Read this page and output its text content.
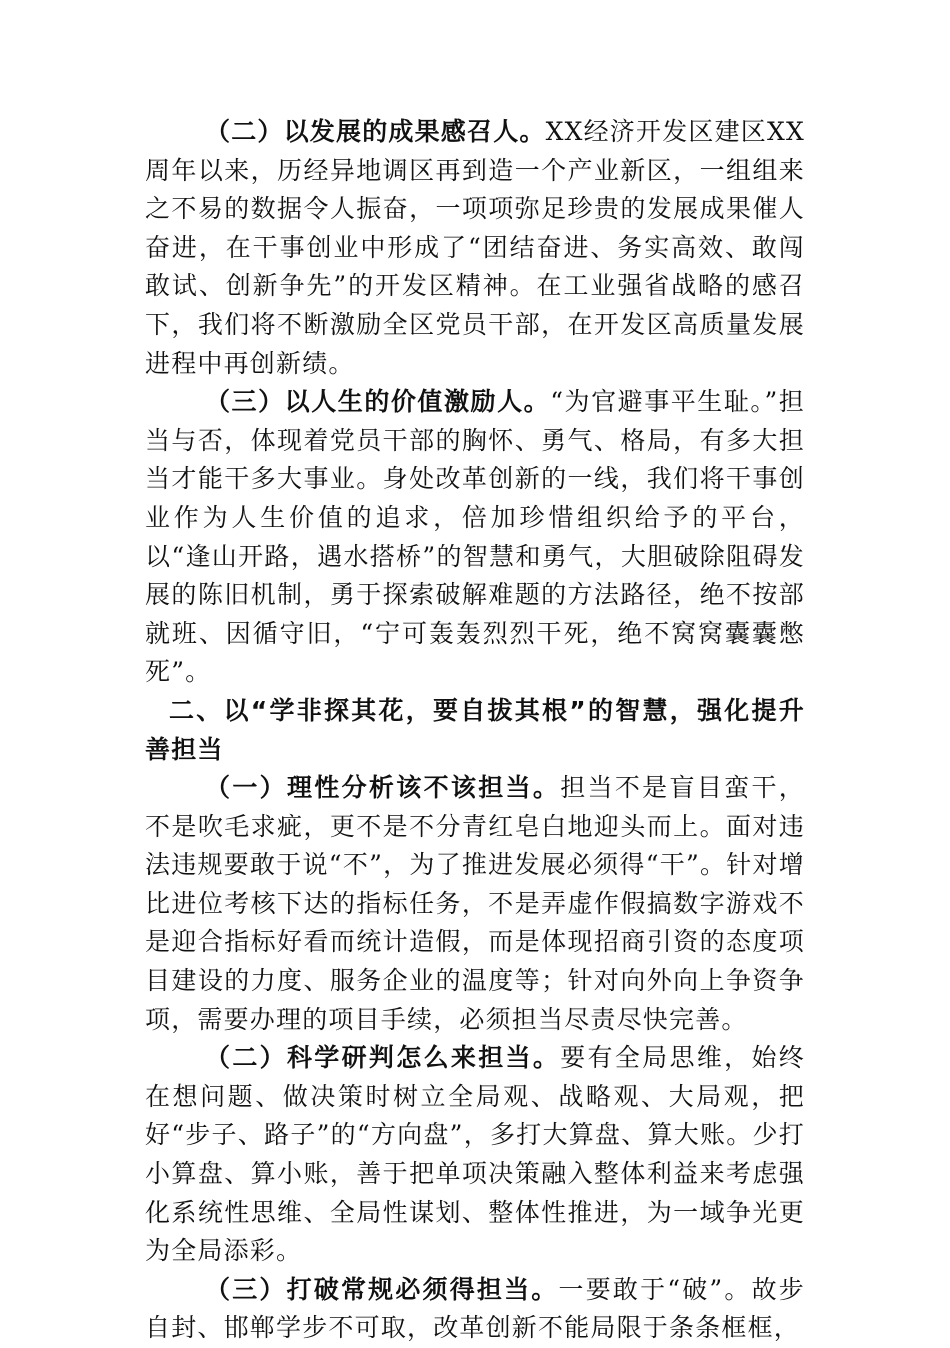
（二）以发展的成果感召人。XX经济开发区建区XX周年以来，历经异地调区再到造一个产业新区，一组组来之不易的数据令人振奋，一项项弥足珍贵的发展成果催人奋进，在干事创业中形成了“团结奋进、务实高效、敢闯敢试、创新争先”的开发区精神。在工业强省战略的感召下，我们将不断激励全区党员干部，在开发区高质量发展进程中再创新绩。

（三）以人生的价值激励人。“为官避事平生耻。”担当与否，体现着党员干部的胸怀、勇气、格局，有多大担当才能干多大事业。身处改革创新的一线，我们将干事创业作为人生价值的追求，倍加珍惜组织给予的平台，以“逢山开路，遇水搭桥”的智慧和勇气，大胆破除阻碍发展的陈旧机制，勇于探索破解难题的方法路径，绝不按部就班、因循守旧，“宁可轰轰烈烈干死，绝不窝窝囊囊憋死”。

二、以“学非探其花，要自拔其根”的智慧，强化提升善担当

（一）理性分析该不该担当。担当不是盲目蛮干，不是吹毛求疵，更不是不分青红皂白地迎头而上。面对违法违规要敢于说“不”，为了推进发展必须得“干”。针对增比进位考核下达的指标任务，不是弄虚作假搞数字游戏不是迎合指标好看而统计造假，而是体现招商引资的态度项目建设的力度、服务企业的温度等；针对向外向上争资争项，需要办理的项目手续，必须担当尽责尽快完善。

（二）科学研判怎么来担当。要有全局思维，始终在想问题、做决策时树立全局观、战略观、大局观，把好“步子、路子”的“方向盘”，多打大算盘、算大账。少打小算盘、算小账，善于把单项决策融入整体利益来考虑强化系统性思维、全局性谋划、整体性推进，为一域争光更为全局添彩。

（三）打破常规必须得担当。一要敢于“破”。故步自封、邯郸学步不可取，改革创新不能局限于条条框框，
